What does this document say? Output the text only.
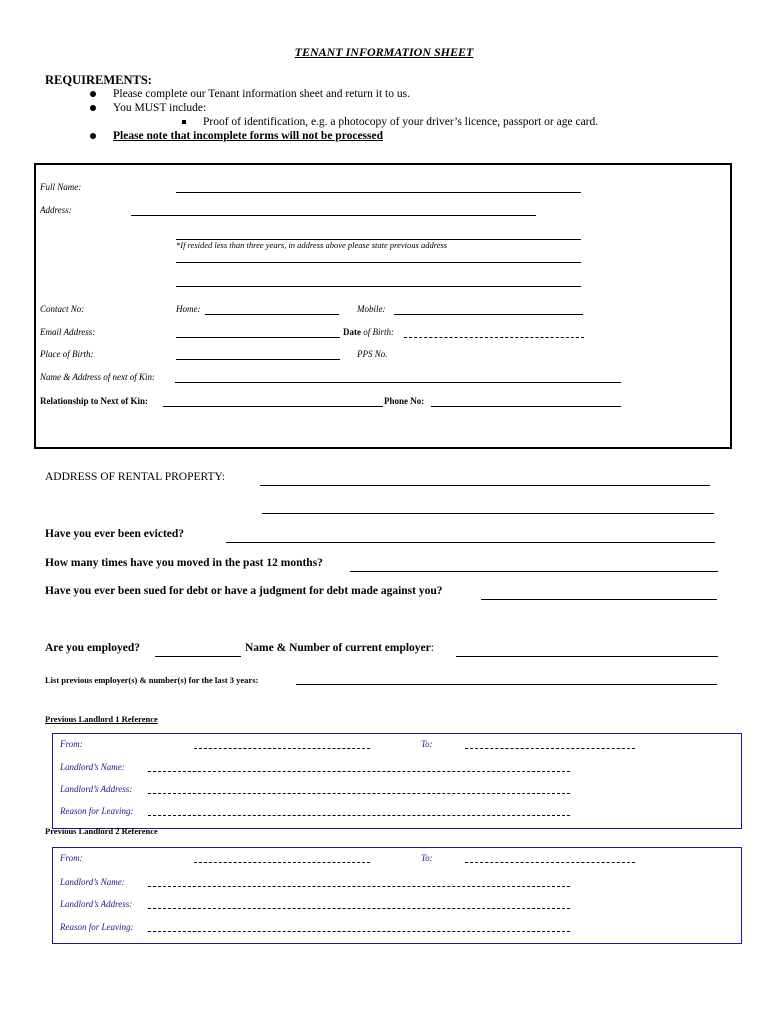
TENANT INFORMATION SHEET
REQUIREMENTS:
Please complete our Tenant information sheet and return it to us.
You MUST include:
Proof of identification, e.g. a photocopy of your driver’s licence, passport or age card.
Please note that incomplete forms will not be processed
Full Name:
Address:
*If resided less than three years, in address above please state previous address
Contact No:	Home:	Mobile:
Email Address:	Date of Birth:
Place of Birth:	PPS No.
Name & Address of next of Kin:
Relationship to Next of Kin:	Phone No:
ADDRESS OF RENTAL PROPERTY:
Have you ever been evicted?
How many times have you moved in the past 12 months?
Have you ever been sued for debt or have a judgment for debt made against you?
Are you employed?	Name & Number of current employer:
List previous employer(s) & number(s) for the last 3 years:
Previous Landlord 1 Reference
From:	To:
Landlord’s Name:
Landlord’s Address:
Reason for Leaving:
Previous Landlord 2 Reference
From:	To:
Landlord’s Name:
Landlord’s Address:
Reason for Leaving:
